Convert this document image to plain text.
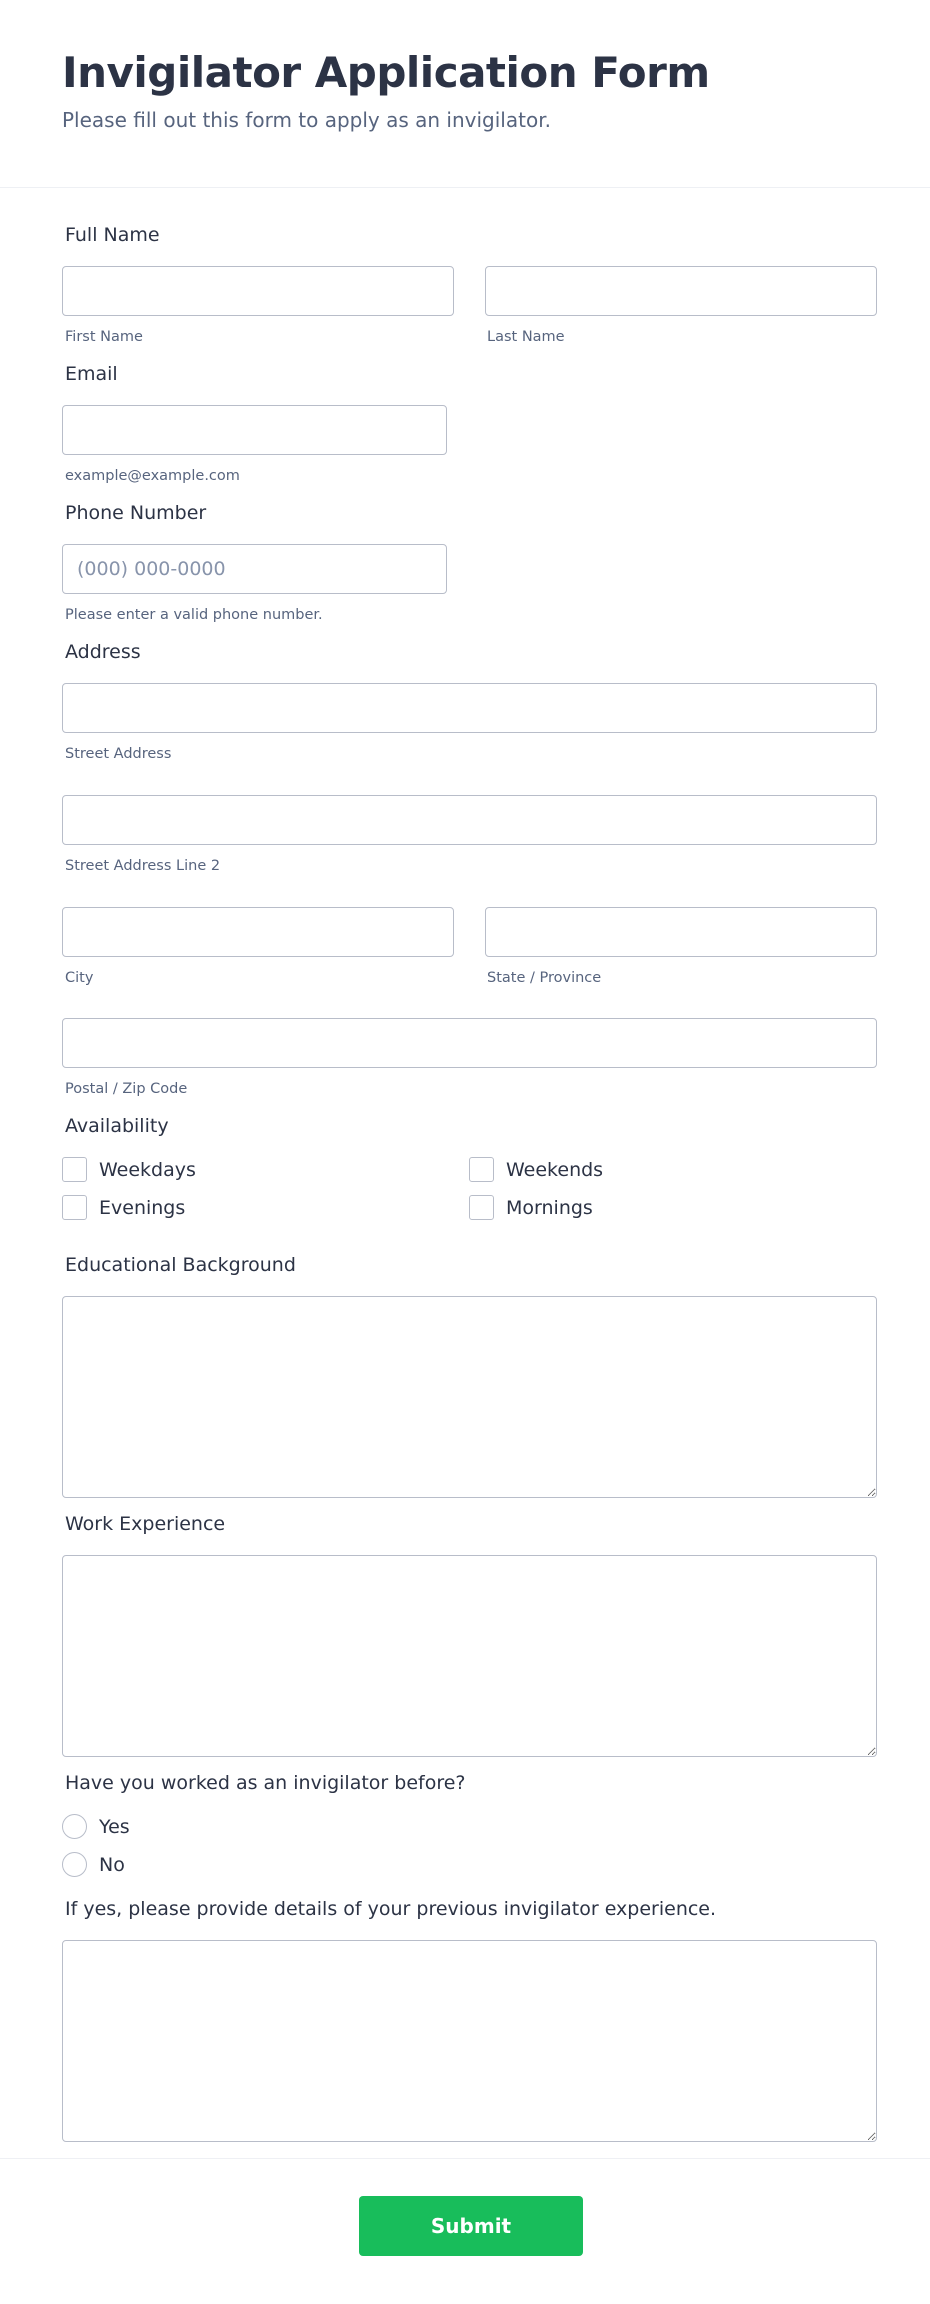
Invigilator Application Form

Please fill out this form to apply as an invigilator.

Full Name
First Name	Last Name
Email
example@example.com
Phone Number
(000) 000-0000
Please enter a valid phone number.
Address
Street Address
Street Address Line 2
City	State / Province
Postal / Zip Code
Availability
Weekdays	Weekends
Evenings	Mornings
Educational Background
Work Experience
Have you worked as an invigilator before?
Yes
No
If yes, please provide details of your previous invigilator experience.
Submit
